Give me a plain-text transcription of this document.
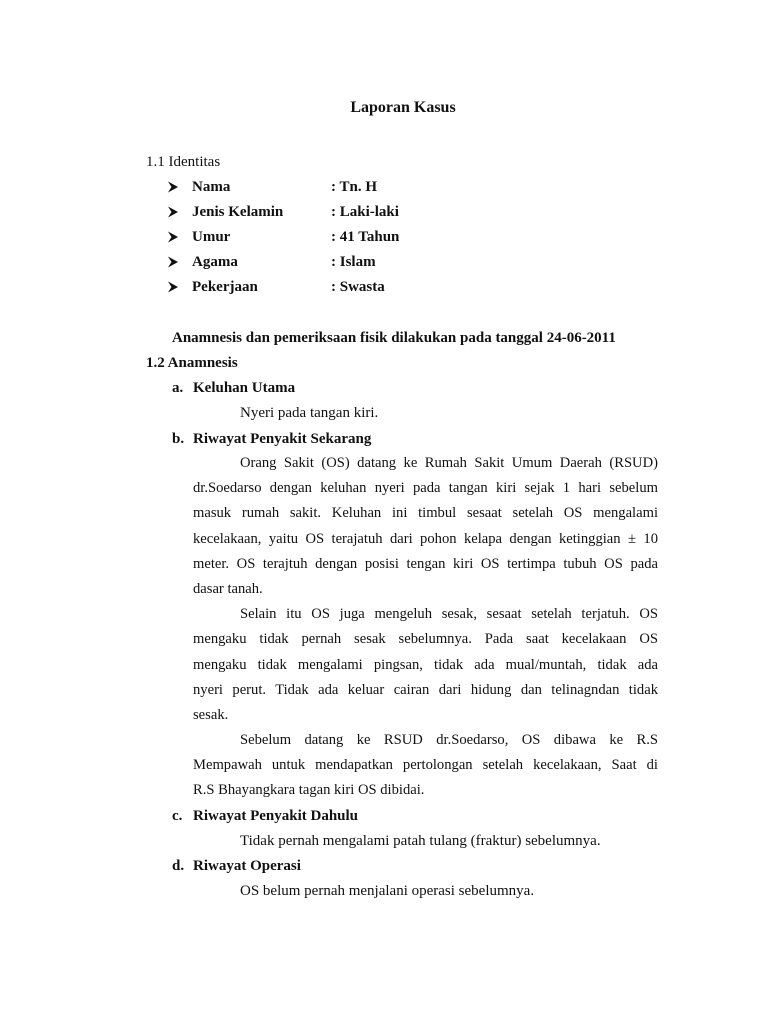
Laporan Kasus
1.1 Identitas
Nama	: Tn. H
Jenis Kelamin	: Laki-laki
Umur	: 41 Tahun
Agama	: Islam
Pekerjaan	: Swasta
Anamnesis dan pemeriksaan fisik dilakukan pada tanggal 24-06-2011
1.2 Anamnesis
a. Keluhan Utama
Nyeri pada tangan kiri.
b. Riwayat Penyakit Sekarang

Orang Sakit (OS) datang ke Rumah Sakit Umum Daerah (RSUD)

dr.Soedarso dengan keluhan nyeri pada tangan kiri sejak 1 hari sebelum

masuk rumah sakit. Keluhan ini timbul sesaat setelah OS mengalami

kecelakaan, yaitu OS terajatuh dari pohon kelapa dengan ketinggian ± 10

meter. OS terajtuh dengan posisi tengan kiri OS tertimpa tubuh OS pada

dasar tanah.

Selain itu OS juga mengeluh sesak, sesaat setelah terjatuh. OS

mengaku tidak pernah sesak sebelumnya. Pada saat kecelakaan OS

mengaku tidak mengalami pingsan, tidak ada mual/muntah, tidak ada

nyeri perut. Tidak ada keluar cairan dari hidung dan telinagndan tidak

sesak.

Sebelum datang ke RSUD dr.Soedarso, OS dibawa ke R.S

Mempawah untuk mendapatkan pertolongan setelah kecelakaan, Saat di

R.S Bhayangkara tagan kiri OS dibidai.

c. Riwayat Penyakit Dahulu
Tidak pernah mengalami patah tulang (fraktur) sebelumnya.
d. Riwayat Operasi
OS belum pernah menjalani operasi sebelumnya.
